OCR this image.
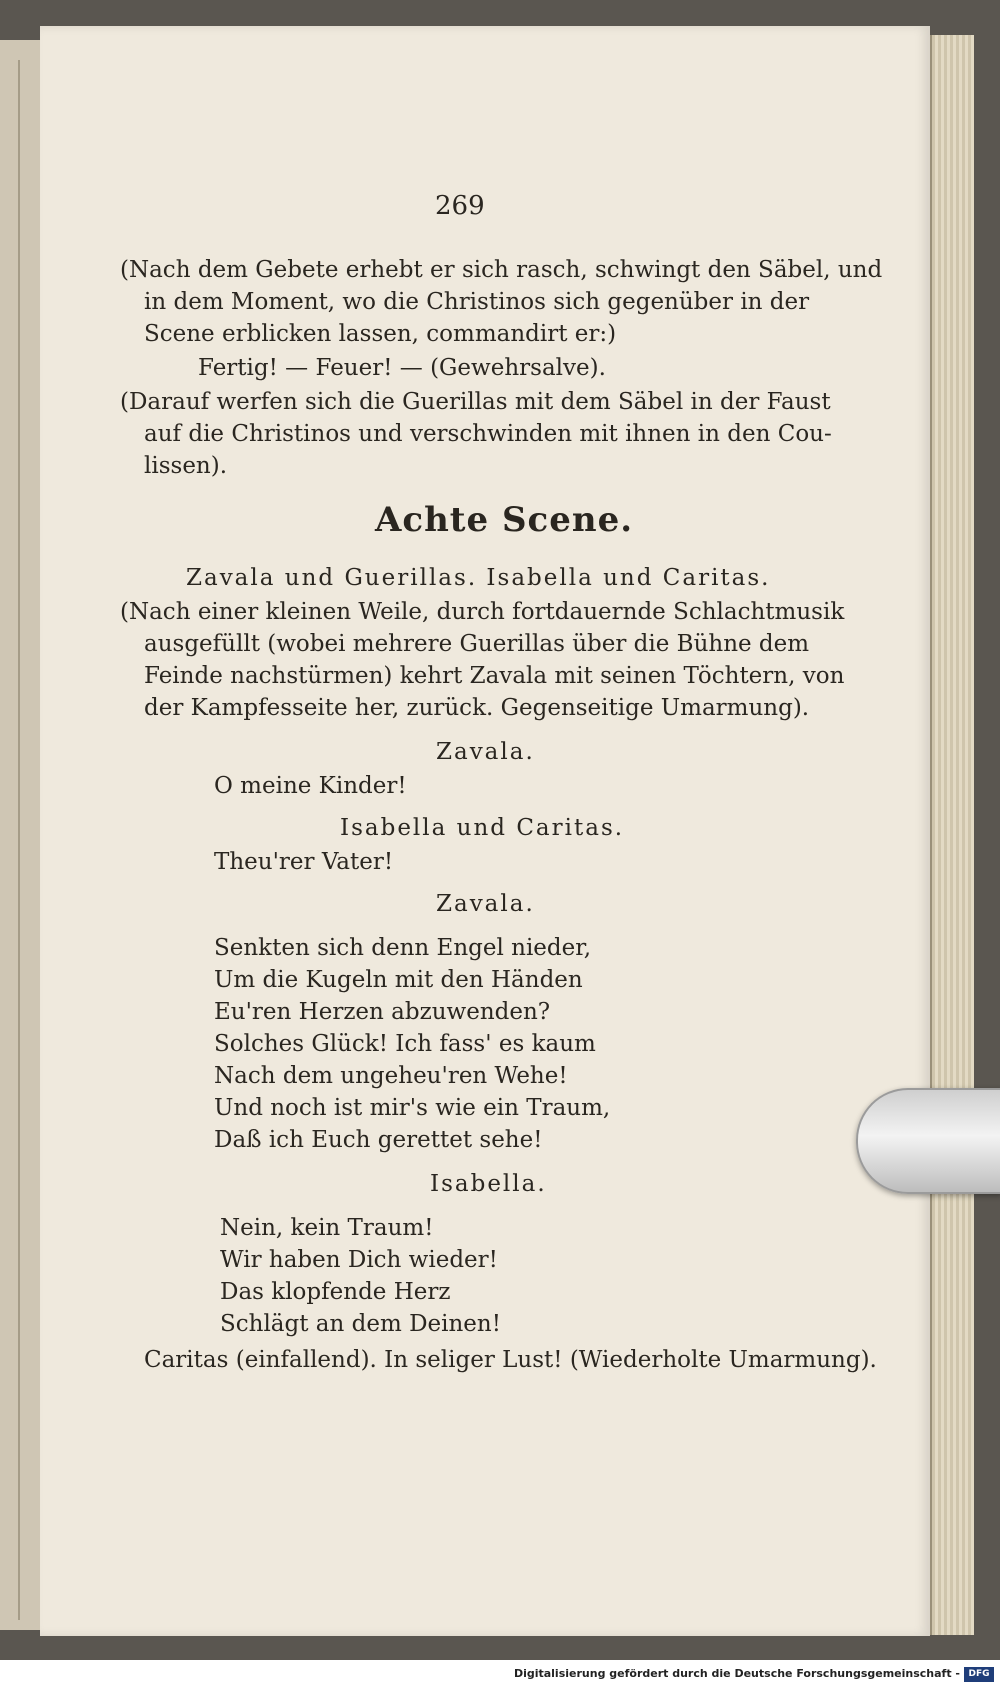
269
(Nach dem Gebete erhebt er sich rasch, schwingt den Säbel, und
in dem Moment, wo die Christinos sich gegenüber in der
Scene erblicken lassen, commandirt er:)
Fertig! — Feuer! — (Gewehrsalve).
(Darauf werfen sich die Guerillas mit dem Säbel in der Faust
auf die Christinos und verschwinden mit ihnen in den Cou-
lissen).
Achte Scene.
Zavala und Guerillas. Isabella und Caritas.
(Nach einer kleinen Weile, durch fortdauernde Schlachtmusik
ausgefüllt (wobei mehrere Guerillas über die Bühne dem
Feinde nachstürmen) kehrt Zavala mit seinen Töchtern, von
der Kampfesseite her, zurück. Gegenseitige Umarmung).
Zavala.
O meine Kinder!
Isabella und Caritas.
Theu'rer Vater!
Zavala.
Senkten sich denn Engel nieder,
Um die Kugeln mit den Händen
Eu'ren Herzen abzuwenden?
Solches Glück! Ich fass' es kaum
Nach dem ungeheu'ren Wehe!
Und noch ist mir's wie ein Traum,
Daß ich Euch gerettet sehe!
Isabella.
Nein, kein Traum!
Wir haben Dich wieder!
Das klopfende Herz
Schlägt an dem Deinen!
Caritas (einfallend). In seliger Lust! (Wiederholte Umarmung).
Digitalisierung gefördert durch die Deutsche Forschungsgemeinschaft - DFG
